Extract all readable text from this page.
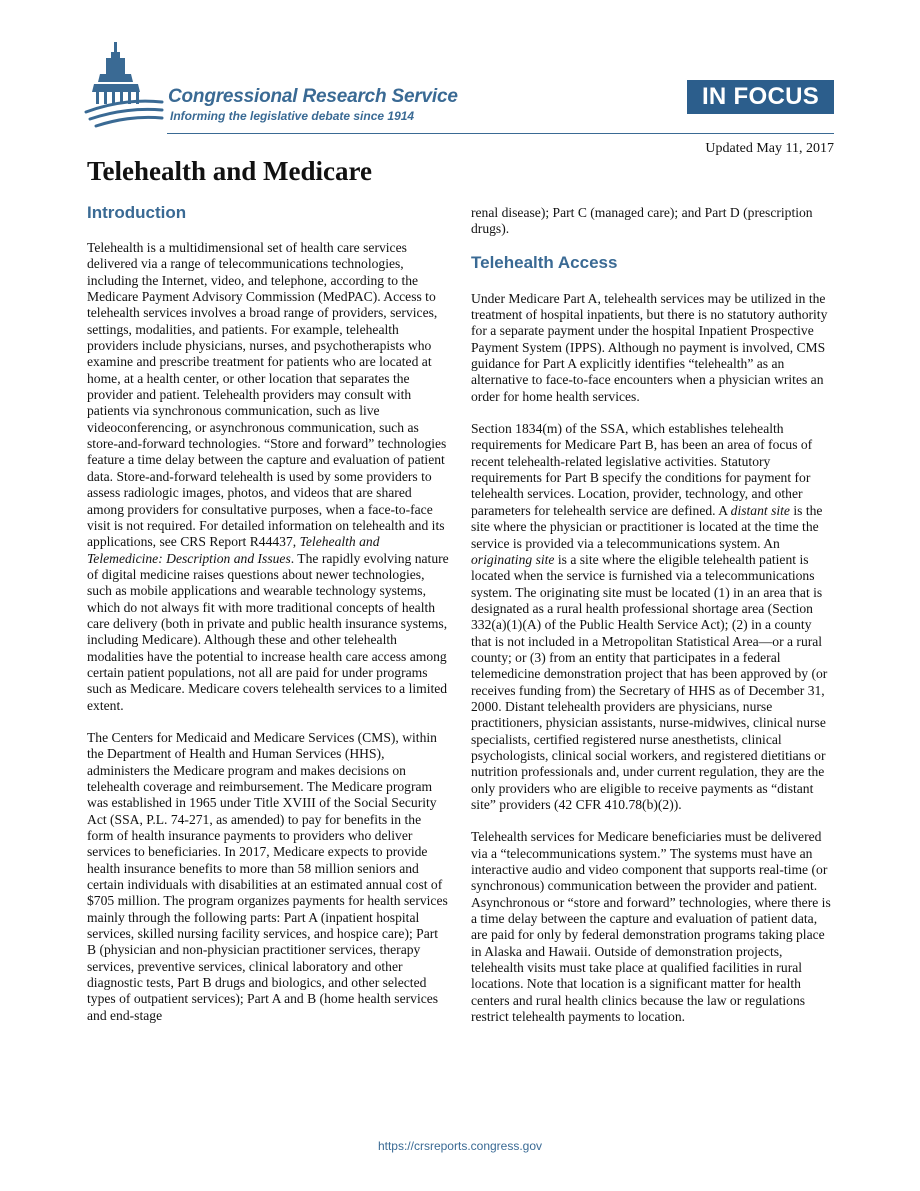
Congressional Research Service
Informing the legislative debate since 1914
IN FOCUS
Updated May 11, 2017
Telehealth and Medicare
Introduction

Telehealth is a multidimensional set of health care services delivered via a range of telecommunications technologies, including the Internet, video, and telephone, according to the Medicare Payment Advisory Commission (MedPAC). Access to telehealth services involves a broad range of providers, services, settings, modalities, and patients. For example, telehealth providers include physicians, nurses, and psychotherapists who examine and prescribe treatment for patients who are located at home, at a health center, or other location that separates the provider and patient. Telehealth providers may consult with patients via synchronous communication, such as live videoconferencing, or asynchronous communication, such as store-and-forward technologies. “Store and forward” technologies feature a time delay between the capture and evaluation of patient data. Store-and-forward telehealth is used by some providers to assess radiologic images, photos, and videos that are shared among providers for consultative purposes, when a face-to-face visit is not required. For detailed information on telehealth and its applications, see CRS Report R44437, Telehealth and Telemedicine: Description and Issues. The rapidly evolving nature of digital medicine raises questions about newer technologies, such as mobile applications and wearable technology systems, which do not always fit with more traditional concepts of health care delivery (both in private and public health insurance systems, including Medicare). Although these and other telehealth modalities have the potential to increase health care access among certain patient populations, not all are paid for under programs such as Medicare. Medicare covers telehealth services to a limited extent.

The Centers for Medicaid and Medicare Services (CMS), within the Department of Health and Human Services (HHS), administers the Medicare program and makes decisions on telehealth coverage and reimbursement. The Medicare program was established in 1965 under Title XVIII of the Social Security Act (SSA, P.L. 74-271, as amended) to pay for benefits in the form of health insurance payments to providers who deliver services to beneficiaries. In 2017, Medicare expects to provide health insurance benefits to more than 58 million seniors and certain individuals with disabilities at an estimated annual cost of $705 million. The program organizes payments for health services mainly through the following parts: Part A (inpatient hospital services, skilled nursing facility services, and hospice care); Part B (physician and non-physician practitioner services, therapy services, preventive services, clinical laboratory and other diagnostic tests, Part B drugs and biologics, and other selected types of outpatient services); Part A and B (home health services and end-stage

renal disease); Part C (managed care); and Part D (prescription drugs).

Telehealth Access

Under Medicare Part A, telehealth services may be utilized in the treatment of hospital inpatients, but there is no statutory authority for a separate payment under the hospital Inpatient Prospective Payment System (IPPS). Although no payment is involved, CMS guidance for Part A explicitly identifies “telehealth” as an alternative to face-to-face encounters when a physician writes an order for home health services.

Section 1834(m) of the SSA, which establishes telehealth requirements for Medicare Part B, has been an area of focus of recent telehealth-related legislative activities. Statutory requirements for Part B specify the conditions for payment for telehealth services. Location, provider, technology, and other parameters for telehealth service are defined. A distant site is the site where the physician or practitioner is located at the time the service is provided via a telecommunications system. An originating site is a site where the eligible telehealth patient is located when the service is furnished via a telecommunications system. The originating site must be located (1) in an area that is designated as a rural health professional shortage area (Section 332(a)(1)(A) of the Public Health Service Act); (2) in a county that is not included in a Metropolitan Statistical Area—or a rural county; or (3) from an entity that participates in a federal telemedicine demonstration project that has been approved by (or receives funding from) the Secretary of HHS as of December 31, 2000. Distant telehealth providers are physicians, nurse practitioners, physician assistants, nurse-midwives, clinical nurse specialists, certified registered nurse anesthetists, clinical psychologists, clinical social workers, and registered dietitians or nutrition professionals and, under current regulation, they are the only providers who are eligible to receive payments as “distant site” providers (42 CFR 410.78(b)(2)).

Telehealth services for Medicare beneficiaries must be delivered via a “telecommunications system.” The systems must have an interactive audio and video component that supports real-time (or synchronous) communication between the provider and patient. Asynchronous or “store and forward” technologies, where there is a time delay between the capture and evaluation of patient data, are paid for only by federal demonstration programs taking place in Alaska and Hawaii. Outside of demonstration projects, telehealth visits must take place at qualified facilities in rural locations. Note that location is a significant matter for health centers and rural health clinics because the law or regulations restrict telehealth payments to location.

https://crsreports.congress.gov
